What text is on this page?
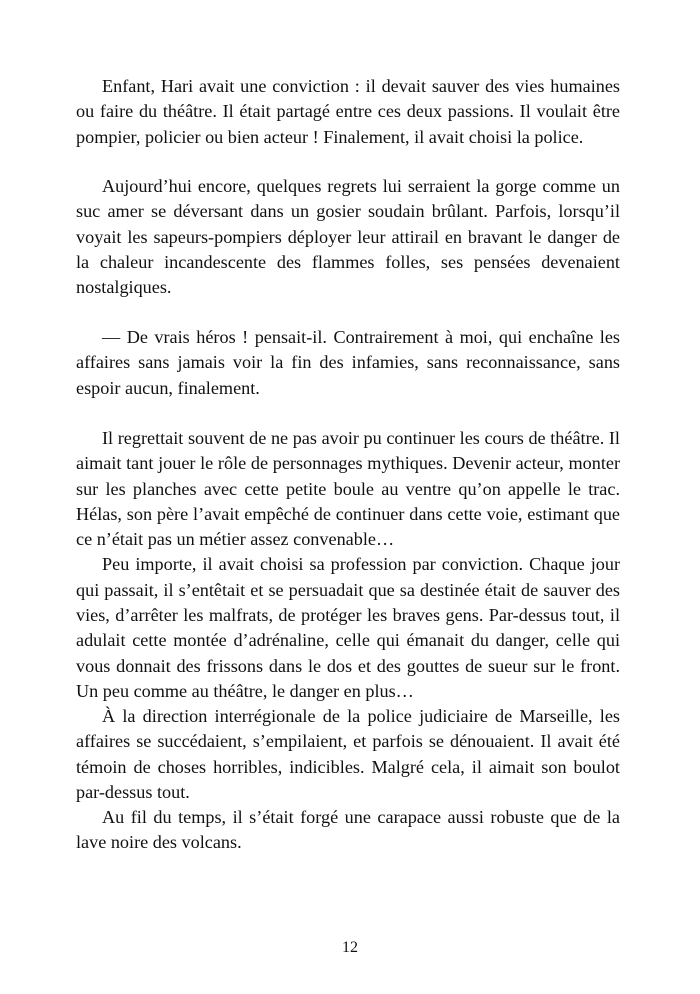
Enfant, Hari avait une conviction : il devait sauver des vies humaines ou faire du théâtre. Il était partagé entre ces deux passions. Il voulait être pompier, policier ou bien acteur ! Finalement, il avait choisi la police.

Aujourd’hui encore, quelques regrets lui serraient la gorge comme un suc amer se déversant dans un gosier soudain brûlant. Parfois, lorsqu’il voyait les sapeurs-pompiers déployer leur attirail en bravant le danger de la chaleur incandescente des flammes folles, ses pensées devenaient nostalgiques.

— De vrais héros ! pensait-il. Contrairement à moi, qui enchaîne les affaires sans jamais voir la fin des infamies, sans reconnaissance, sans espoir aucun, finalement.

Il regrettait souvent de ne pas avoir pu continuer les cours de théâtre. Il aimait tant jouer le rôle de personnages mythiques. Devenir acteur, monter sur les planches avec cette petite boule au ventre qu’on appelle le trac. Hélas, son père l’avait empêché de continuer dans cette voie, estimant que ce n’était pas un métier assez convenable…

Peu importe, il avait choisi sa profession par conviction. Chaque jour qui passait, il s’entêtait et se persuadait que sa destinée était de sauver des vies, d’arrêter les malfrats, de protéger les braves gens. Par-dessus tout, il adulait cette montée d’adrénaline, celle qui émanait du danger, celle qui vous donnait des frissons dans le dos et des gouttes de sueur sur le front. Un peu comme au théâtre, le danger en plus…

À la direction interrégionale de la police judiciaire de Marseille, les affaires se succédaient, s’empilaient, et parfois se dénouaient. Il avait été témoin de choses horribles, indicibles. Malgré cela, il aimait son boulot par-dessus tout.

Au fil du temps, il s’était forgé une carapace aussi robuste que de la lave noire des volcans.

12
